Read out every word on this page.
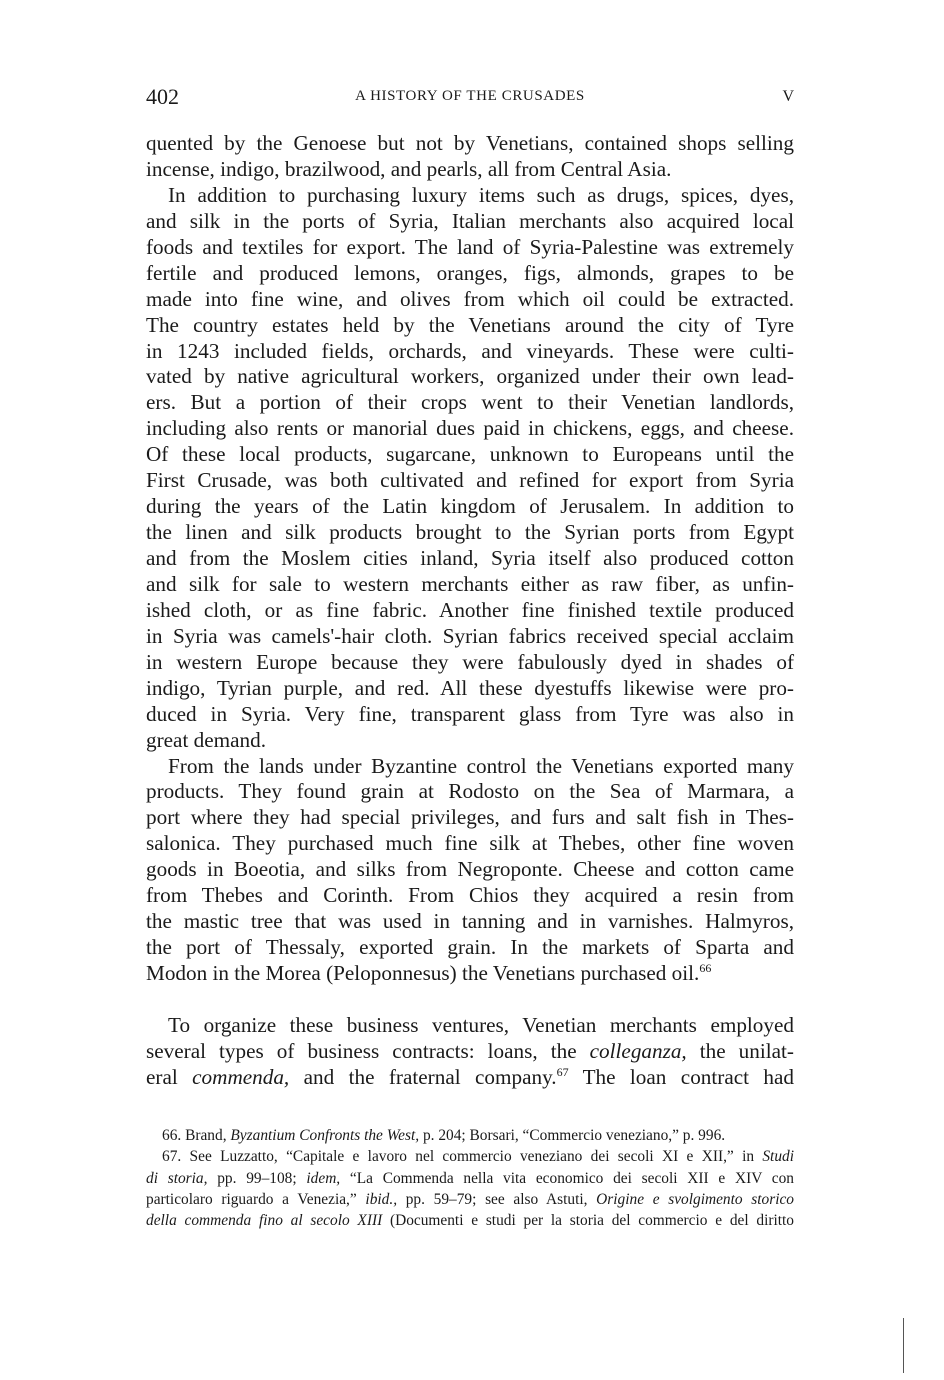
402	A HISTORY OF THE CRUSADES	V
quented by the Genoese but not by Venetians, contained shops selling
incense, indigo, brazilwood, and pearls, all from Central Asia.
In addition to purchasing luxury items such as drugs, spices, dyes,
and silk in the ports of Syria, Italian merchants also acquired local
foods and textiles for export. The land of Syria-Palestine was extremely
fertile and produced lemons, oranges, figs, almonds, grapes to be
made into fine wine, and olives from which oil could be extracted.
The country estates held by the Venetians around the city of Tyre
in 1243 included fields, orchards, and vineyards. These were culti-
vated by native agricultural workers, organized under their own lead-
ers. But a portion of their crops went to their Venetian landlords,
including also rents or manorial dues paid in chickens, eggs, and cheese.
Of these local products, sugarcane, unknown to Europeans until the
First Crusade, was both cultivated and refined for export from Syria
during the years of the Latin kingdom of Jerusalem. In addition to
the linen and silk products brought to the Syrian ports from Egypt
and from the Moslem cities inland, Syria itself also produced cotton
and silk for sale to western merchants either as raw fiber, as unfin-
ished cloth, or as fine fabric. Another fine finished textile produced
in Syria was camels'-hair cloth. Syrian fabrics received special acclaim
in western Europe because they were fabulously dyed in shades of
indigo, Tyrian purple, and red. All these dyestuffs likewise were pro-
duced in Syria. Very fine, transparent glass from Tyre was also in
great demand.
From the lands under Byzantine control the Venetians exported many
products. They found grain at Rodosto on the Sea of Marmara, a
port where they had special privileges, and furs and salt fish in Thes-
salonica. They purchased much fine silk at Thebes, other fine woven
goods in Boeotia, and silks from Negroponte. Cheese and cotton came
from Thebes and Corinth. From Chios they acquired a resin from
the mastic tree that was used in tanning and in varnishes. Halmyros,
the port of Thessaly, exported grain. In the markets of Sparta and
Modon in the Morea (Peloponnesus) the Venetians purchased oil.$^{66}$
To organize these business ventures, Venetian merchants employed
several types of business contracts: loans, the colleganza, the unilat-
eral commenda, and the fraternal company.$^{67}$ The loan contract had
66. Brand, Byzantium Confronts the West, p. 204; Borsari, “Commercio veneziano,” p. 996.
67. See Luzzatto, “Capitale e lavoro nel commercio veneziano dei secoli XI e XII,” in Studi
di storia, pp. 99–108; idem, “La Commenda nella vita economico dei secoli XII e XIV con
particolaro riguardo a Venezia,” ibid., pp. 59–79; see also Astuti, Origine e svolgimento storico
della commenda fino al secolo XIII (Documenti e studi per la storia del commercio e del diritto
